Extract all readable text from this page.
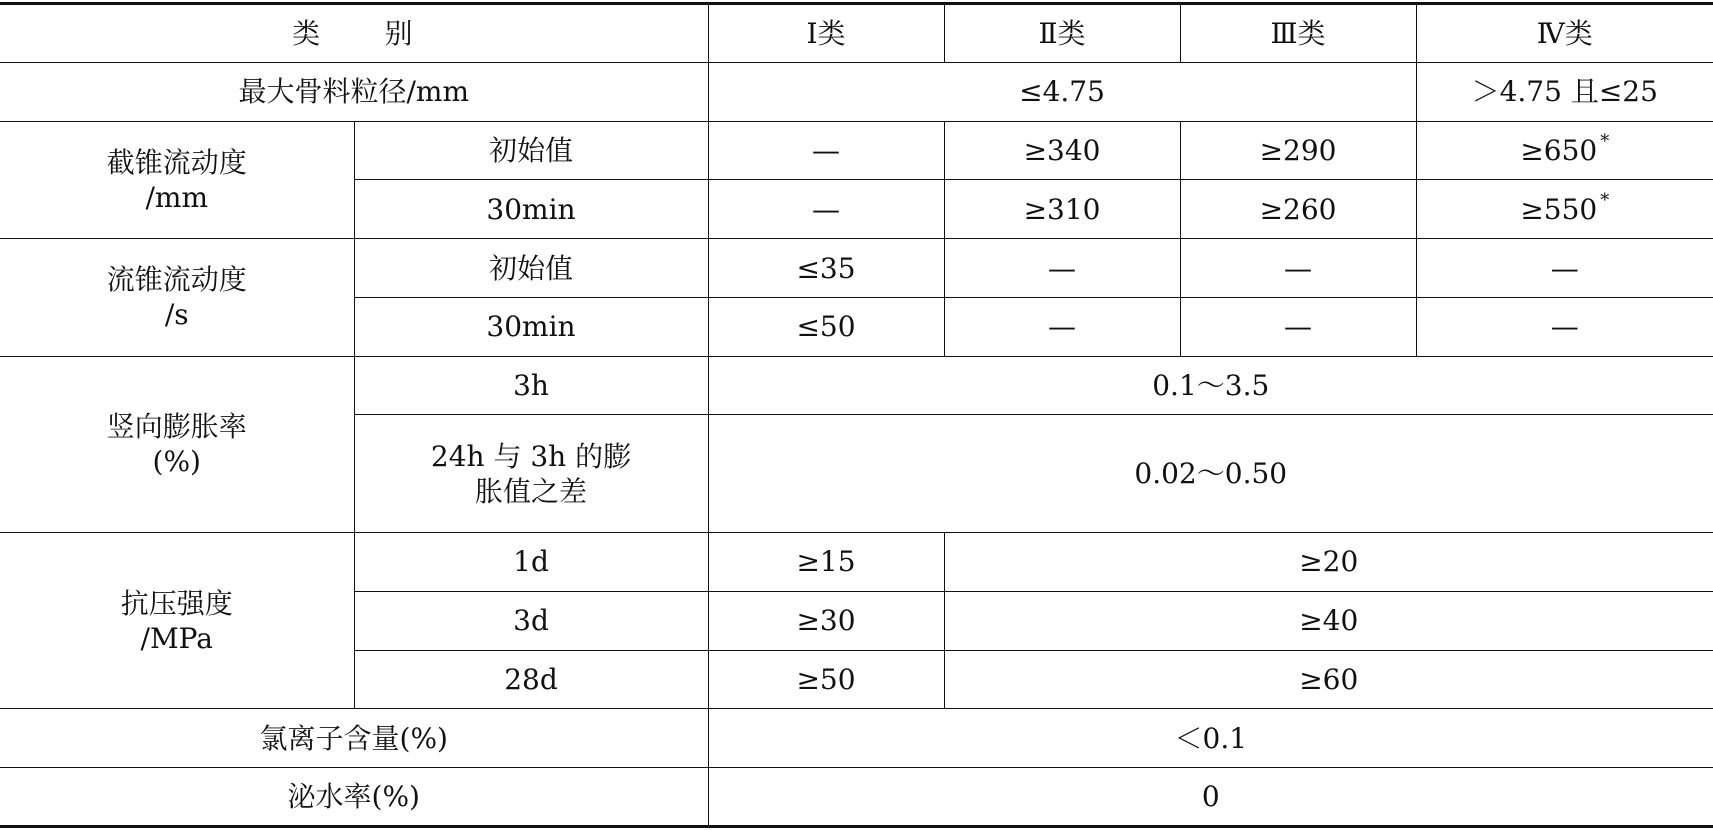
类　　别		Ⅰ类	Ⅱ类	Ⅲ类	Ⅳ类
最大骨料粒径/mm		≤4.75			＞4.75 且≤25

截锥流动度
/mm	初始值	—	≥340	≥290	≥650 *
	30min	—	≥310	≥260	≥550 *

流锥流动度
/s	初始值	≤35	—	—	—
	30min	≤50	—	—	—

竖向膨胀率
(%)	3h	0.1～3.5			

	24h 与 3h 的膨
胀值之差	0.02～0.50			

抗压强度
/MPa	1d	≥15	≥20		
	3d	≥30	≥40		
	28d	≥50	≥60		
氯离子含量(%)		＜0.1			
泌水率(%)		0			
